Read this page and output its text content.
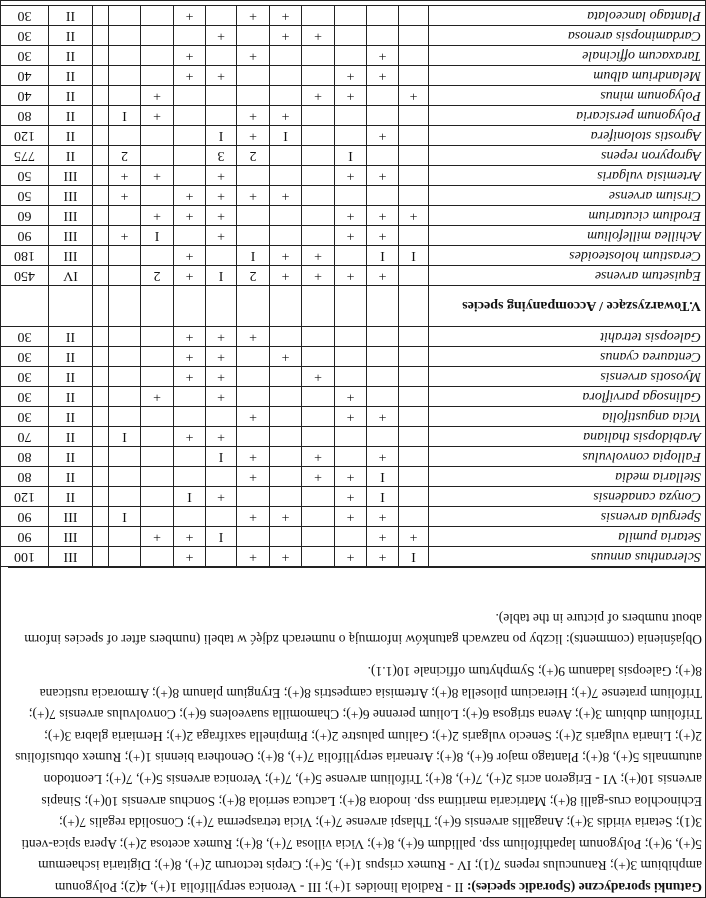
Gatunki sporadyczne (Sporadic species): II - Radiola linoides 1(+); III - Veronica serpyllifolia 1(+), 4(2); Polygonum amphibium 3(+); Ranunculus repens 7(1); IV - Rumex crispus 1(+), 5(+); Crepis tectorum 2(+), 8(+); Digitaria ischaemum 5(+), 9(+); Polygonum lapathifolium ssp. pallidum 6(+), 8(+); Vicia villosa 7(+), 8(+); Rumex acetosa 2(+); Apera spica-venti 3(1); Setaria viridis 3(+); Anagallis arvensis 6(+); Thlaspi arvense 7(+); Vicia tetrasperma 7(+); Consolida regalis 7(+); Echinochloa crus-galli 8(+); Matricaria maritima ssp. inodora 8(+); Lactuca serriola 8(+); Sonchus arvensis 10(+); Sinapis arvensis 10(+); VI - Erigeron acris 2(+), 7(+), 8(+); Trifolium arvense 5(+), 7(+); Veronica arvensis 5(+), 7(+); Leontodon autumnalis 5(+), 8(+); Plantago major 6(+), 8(+); Arenaria serpyllifolia 7(+), 8(+); Oenothera biennis 1(+); Rumex obtusifolius 2(+); Linaria vulgaris 2(+); Senecio vulgaris 2(+); Galium palustre 2(+); Pimpinella saxifraga 2(+); Herniaria glabra 3(+); Trifolium dubium 3(+); Avena strigosa 6(+); Lolium perenne 6(+); Chamomilla suaveolens 6(+); Convolvulus arvensis 7(+); Trifolium pratense 7(+); Hieracium pilosella 8(+); Artemisia campestris 8(+); Eryngium planum 8(+); Armoracia rusticana 8(+); Galeopsis ladanum 9(+); Symphytum officinale 10(1.1).
Objaśnienia (comments): liczby po nazwach gatunków informują o numerach zdjęć w tabeli (numbers after of species inform about numbers of picture in the table).
Scleranthus annuus	I	+	+		+	+		+				III	100
Setaria pumila	+	+					I	+	+			III	90
Spergula arvensis		+	+		+	+				I		III	90
Conyza canadensis		I	+				+	I				II	120
Stellaria media		I	+	+		+						II	80
Fallopia convolvulus		+		+		+	I					II	80
Arabidopsis thaliana							+	+		I		II	70
Vicia angustifolia		+	+			+						II	30
Galinsoga parviflora			+				+		+			II	30
Myosotis arvensis				+			+	+				II	30
Centaurea cyanus					+		+	+				II	30
Galeopsis tetrahit						+	+	+				II	30
V.Towarzyszące / Accompanying species													
Equisetum arvense		+	+	+	+	2	I	+	2			IV	450
Cerastium holosteoides	I	I		+	+	I		+				III	180
Achillea millefolium		+	+				+		I	+		III	90
Erodium cicutarium	+	+	+				+	+	+			III	60
Cirsium arvense					+	+	+	+		+		III	50
Artemisia vulgaris		+	+				+		+	+		III	50
Agropyron repens			I			2	3			2		II	775
Agrostis stolonifera		+			I	+	I					II	120
Polygonum persicaria					+	+			+	I		II	80
Polygonum minus	+		+	+					+			II	40
Melandrium album		+	+				+	+				II	40
Taraxacum officinale		+				+		+				II	30
Cardaminopsis arenosa				+	+		+					II	30
Plantago lanceolata					+	+		+				II	30
